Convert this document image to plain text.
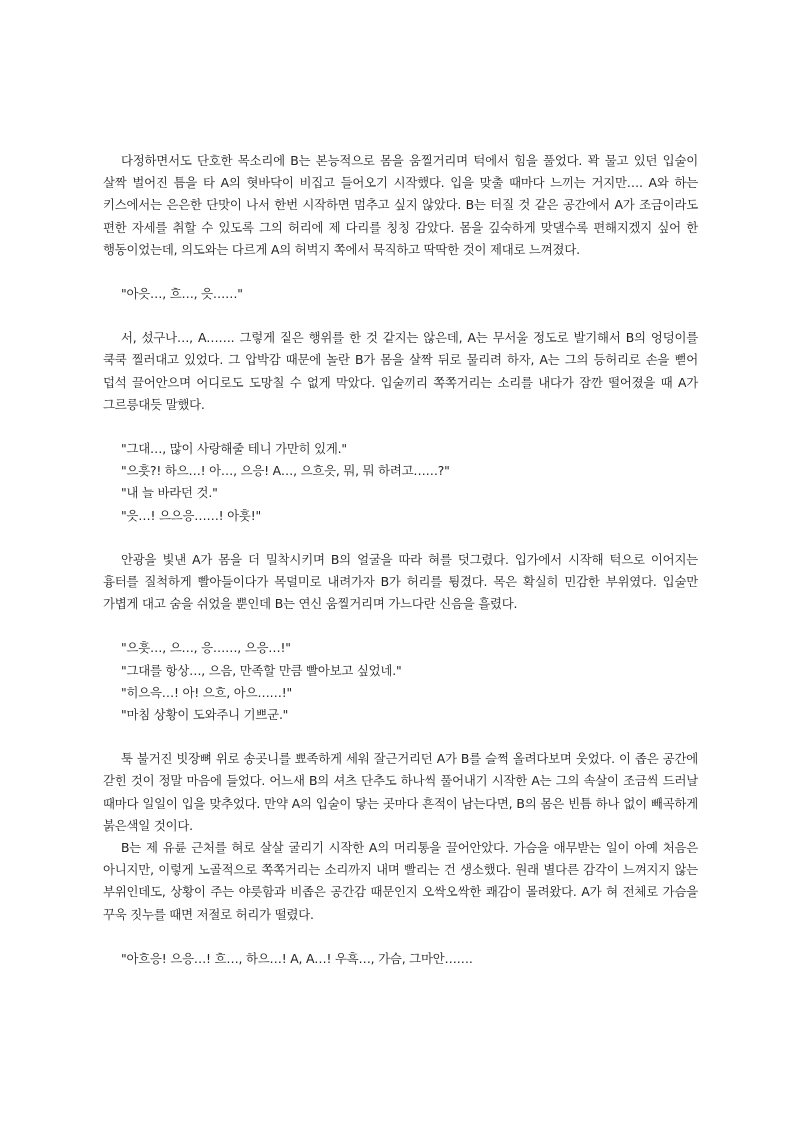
다정하면서도 단호한 목소리에 B는 본능적으로 몸을 움찔거리며 턱에서 힘을 풀었다. 꽉 물고 있던 입술이 살짝 벌어진 틈을 타 A의 혓바닥이 비집고 들어오기 시작했다. 입을 맞출 때마다 느끼는 거지만…. A와 하는 키스에서는 은은한 단맛이 나서 한번 시작하면 멈추고 싶지 않았다. B는 터질 것 같은 공간에서 A가 조금이라도 편한 자세를 취할 수 있도록 그의 허리에 제 다리를 칭칭 감았다. 몸을 깊숙하게 맞댈수록 편해지겠지 싶어 한 행동이었는데, 의도와는 다르게 A의 허벅지 쪽에서 묵직하고 딱딱한 것이 제대로 느껴졌다.

"아읏…, 흐…, 읏……"

서, 섰구나…, A……. 그렇게 짙은 행위를 한 것 같지는 않은데, A는 무서울 정도로 발기해서 B의 엉덩이를 쿡쿡 찔러대고 있었다. 그 압박감 때문에 놀란 B가 몸을 살짝 뒤로 물리려 하자, A는 그의 등허리로 손을 뻗어 덥석 끌어안으며 어디로도 도망칠 수 없게 막았다. 입술끼리 쪽쪽거리는 소리를 내다가 잠깐 떨어졌을 때 A가 그르릉대듯 말했다.

"그대…, 많이 사랑해줄 테니 가만히 있게."

"으흣?! 하으…! 아…, 으응! A…, 으흐읏, 뭐, 뭐 하려고……?"

"내 늘 바라던 것."

"읏…! 으으응……! 아흣!"

안광을 빛낸 A가 몸을 더 밀착시키며 B의 얼굴을 따라 혀를 덧그렸다. 입가에서 시작해 턱으로 이어지는 흉터를 질척하게 빨아들이다가 목덜미로 내려가자 B가 허리를 튕겼다. 목은 확실히 민감한 부위였다. 입술만 가볍게 대고 숨을 쉬었을 뿐인데 B는 연신 움찔거리며 가느다란 신음을 흘렸다.

"으흣…, 으…, 응……, 으응…!"

"그대를 항상…, 으음, 만족할 만큼 빨아보고 싶었네."

"히으윽…! 아! 으흐, 아으……!"

"마침 상황이 도와주니 기쁘군."

툭 불거진 빗장뼈 위로 송곳니를 뾰족하게 세워 잘근거리던 A가 B를 슬쩍 올려다보며 웃었다. 이 좁은 공간에 갇힌 것이 정말 마음에 들었다. 어느새 B의 셔츠 단추도 하나씩 풀어내기 시작한 A는 그의 속살이 조금씩 드러날 때마다 일일이 입을 맞추었다. 만약 A의 입술이 닿는 곳마다 흔적이 남는다면, B의 몸은 빈틈 하나 없이 빼곡하게 붉은색일 것이다.

B는 제 유륜 근처를 혀로 살살 굴리기 시작한 A의 머리통을 끌어안았다. 가슴을 애무받는 일이 아예 처음은 아니지만, 이렇게 노골적으로 쪽쪽거리는 소리까지 내며 빨리는 건 생소했다. 원래 별다른 감각이 느껴지지 않는 부위인데도, 상황이 주는 야릇함과 비좁은 공간감 때문인지 오싹오싹한 쾌감이 몰려왔다. A가 혀 전체로 가슴을 꾸욱 짓누를 때면 저절로 허리가 떨렸다.

"아흐응! 으응…! 흐…, 하으…! A, A…! 우흑…, 가슴, 그마안…….
